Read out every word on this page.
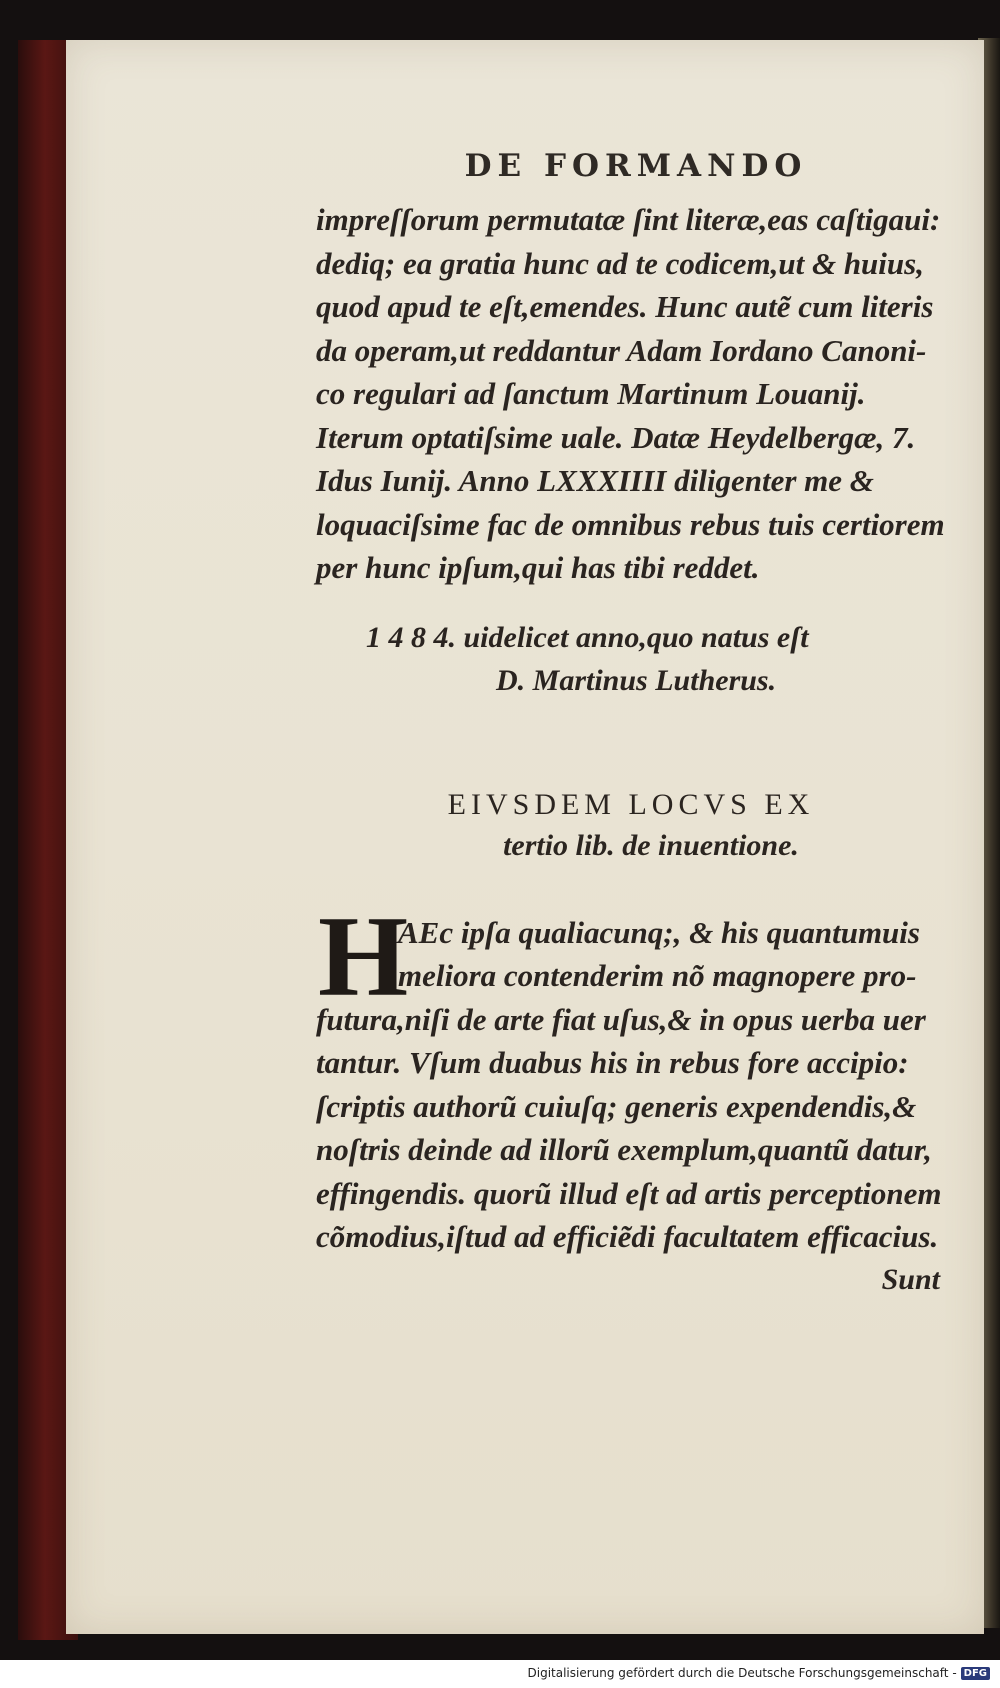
DE FORMANDO
impreſſorum permutatæ ſint literæ,eas caſtigaui:
dediq; ea gratia hunc ad te codicem,ut & huius,
quod apud te eſt,emendes. Hunc autẽ cum literis
da operam,ut reddantur Adam Iordano Canoni-
co regulari ad ſanctum Martinum Louanij.
Iterum optatiſsime uale. Datæ Heydelbergæ, 7.
Idus Iunij. Anno LXXXIIII diligenter me &
loquaciſsime fac de omnibus rebus tuis certiorem
per hunc ipſum,qui has tibi reddet.
1 4 8 4. uidelicet anno,quo natus eſt
D. Martinus Lutherus.
EIVSDEM LOCVS EX
tertio lib. de inuentione.
H
AEc ipſa qualiacunq;, & his quantumuis
meliora contenderim nõ magnopere pro-
futura,niſi de arte fiat uſus,& in opus uerba uer
tantur. Vſum duabus his in rebus fore accipio:
ſcriptis authorũ cuiuſq; generis expendendis,&
noſtris deinde ad illorũ exemplum,quantũ datur,
effingendis. quorũ illud eſt ad artis perceptionem
cõmodius,iſtud ad efficiẽdi facultatem efficacius.
Sunt
Digitalisierung gefördert durch die Deutsche Forschungsgemeinschaft - DFG
